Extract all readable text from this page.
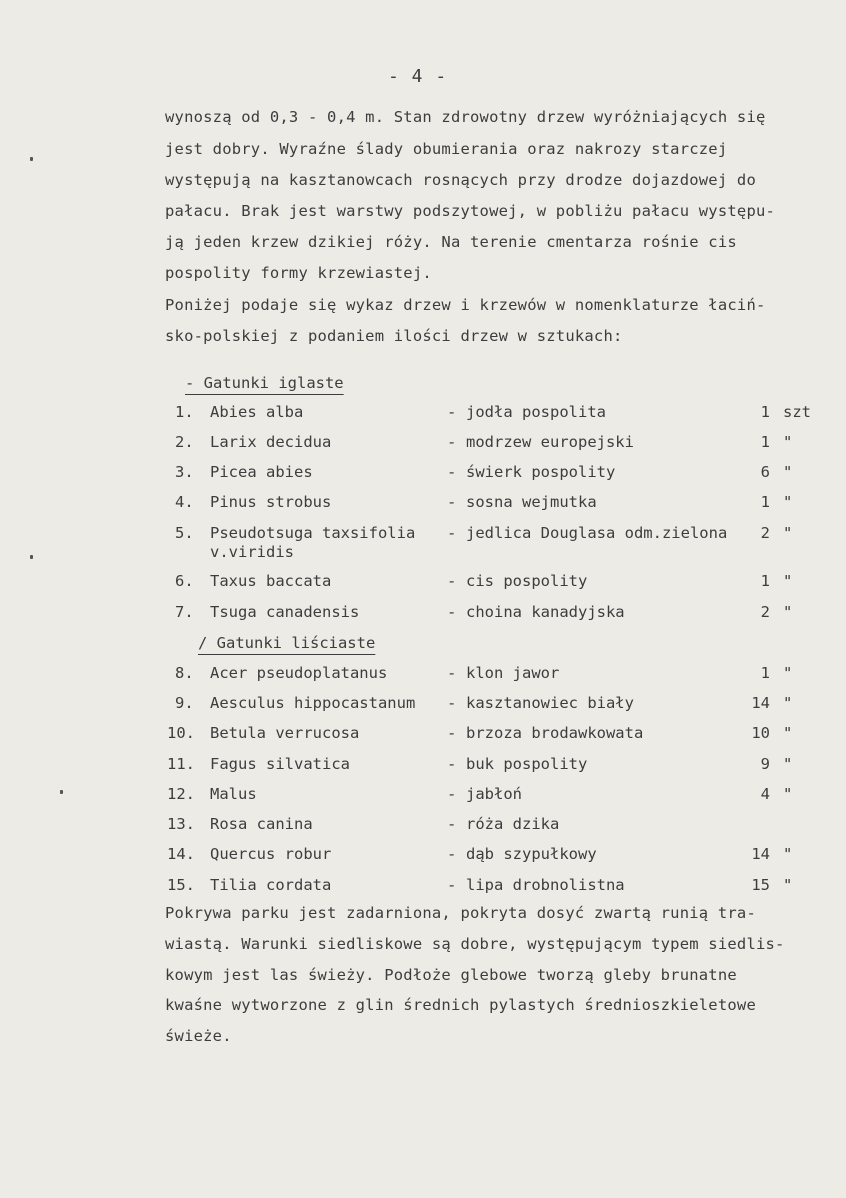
- 4 -
wynoszą od 0,3 - 0,4 m. Stan zdrowotny drzew wyróżniających się
jest dobry. Wyraźne ślady obumierania oraz nakrozy starczej
występują na kasztanowcach rosnących przy drodze dojazdowej do
pałacu. Brak jest warstwy podszytowej, w pobliżu pałacu występu-
ją jeden krzew dzikiej róży. Na terenie cmentarza rośnie cis
pospolity formy krzewiastej.
Poniżej podaje się wykaz drzew i krzewów w nomenklaturze łaciń-
sko-polskiej z podaniem ilości drzew w sztukach:
- Gatunki iglaste
1. Abies alba	- jodła pospolita	1 szt
2. Larix decidua	- modrzew europejski	1 "
3. Picea abies	- świerk pospolity	6 "
4. Pinus strobus	- sosna wejmutka	1 "
5. Pseudotsuga taxsifolia - jedlica Douglasa odm.zielona	2 "
v.viridis
6. Taxus baccata	- cis pospolity	1 "
7. Tsuga canadensis	- choina kanadyjska	2 "
/ Gatunki liściaste
8. Acer pseudoplatanus	- klon jawor	1 "
9. Aesculus hippocastanum - kasztanowiec biały	14 "
10. Betula verrucosa	- brzoza brodawkowata	10 "
11. Fagus silvatica	- buk pospolity	9 "
12. Malus	- jabłoń	4 "
13. Rosa canina	- róża dzika
14. Quercus robur	- dąb szypułkowy	14 "
15. Tilia cordata	- lipa drobnolistna	15 "
Pokrywa parku jest zadarniona, pokryta dosyć zwartą runią tra-
wiastą. Warunki siedliskowe są dobre, występującym typem siedlis-
kowym jest las świeży. Podłoże glebowe tworzą gleby brunatne
kwaśne wytworzone z glin średnich pylastych średnioszkieletowe
świeże.
